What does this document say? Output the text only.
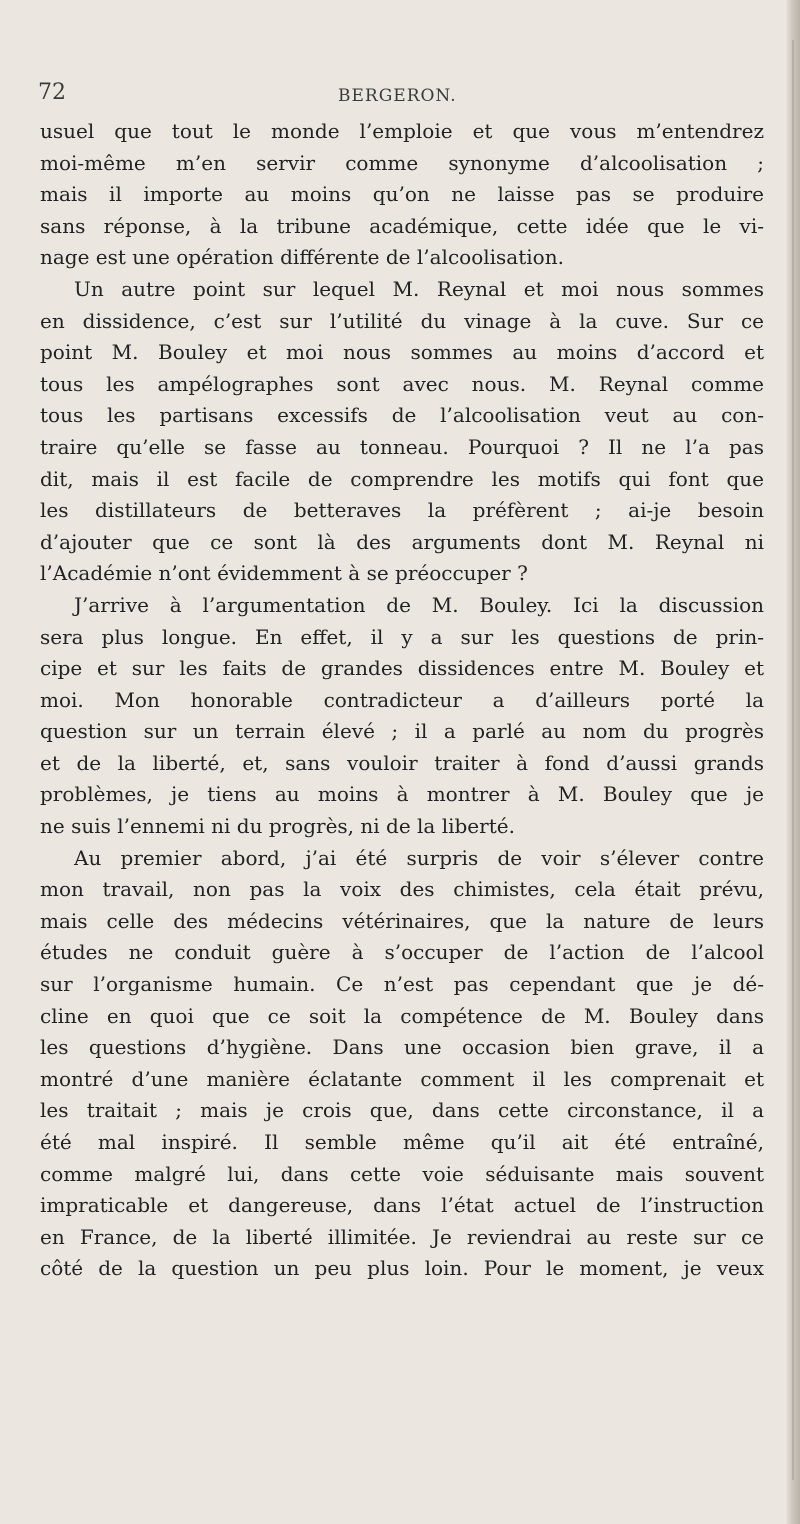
72	BERGERON.
usuel que tout le monde l’emploie et que vous m’entendrez
moi-même m’en servir comme synonyme d’alcoolisation ;
mais il importe au moins qu’on ne laisse pas se produire
sans réponse, à la tribune académique, cette idée que le vi-
nage est une opération différente de l’alcoolisation.
Un autre point sur lequel M. Reynal et moi nous sommes
en dissidence, c’est sur l’utilité du vinage à la cuve. Sur ce
point M. Bouley et moi nous sommes au moins d’accord et
tous les ampélographes sont avec nous. M. Reynal comme
tous les partisans excessifs de l’alcoolisation veut au con-
traire qu’elle se fasse au tonneau. Pourquoi ? Il ne l’a pas
dit, mais il est facile de comprendre les motifs qui font que
les distillateurs de betteraves la préfèrent ; ai-je besoin
d’ajouter que ce sont là des arguments dont M. Reynal ni
l’Académie n’ont évidemment à se préoccuper ?
J’arrive à l’argumentation de M. Bouley. Ici la discussion
sera plus longue. En effet, il y a sur les questions de prin-
cipe et sur les faits de grandes dissidences entre M. Bouley et
moi. Mon honorable contradicteur a d’ailleurs porté la
question sur un terrain élevé ; il a parlé au nom du progrès
et de la liberté, et, sans vouloir traiter à fond d’aussi grands
problèmes, je tiens au moins à montrer à M. Bouley que je
ne suis l’ennemi ni du progrès, ni de la liberté.
Au premier abord, j’ai été surpris de voir s’élever contre
mon travail, non pas la voix des chimistes, cela était prévu,
mais celle des médecins vétérinaires, que la nature de leurs
études ne conduit guère à s’occuper de l’action de l’alcool
sur l’organisme humain. Ce n’est pas cependant que je dé-
cline en quoi que ce soit la compétence de M. Bouley dans
les questions d’hygiène. Dans une occasion bien grave, il a
montré d’une manière éclatante comment il les comprenait et
les traitait ; mais je crois que, dans cette circonstance, il a
été mal inspiré. Il semble même qu’il ait été entraîné,
comme malgré lui, dans cette voie séduisante mais souvent
impraticable et dangereuse, dans l’état actuel de l’instruction
en France, de la liberté illimitée. Je reviendrai au reste sur ce
côté de la question un peu plus loin. Pour le moment, je veux
